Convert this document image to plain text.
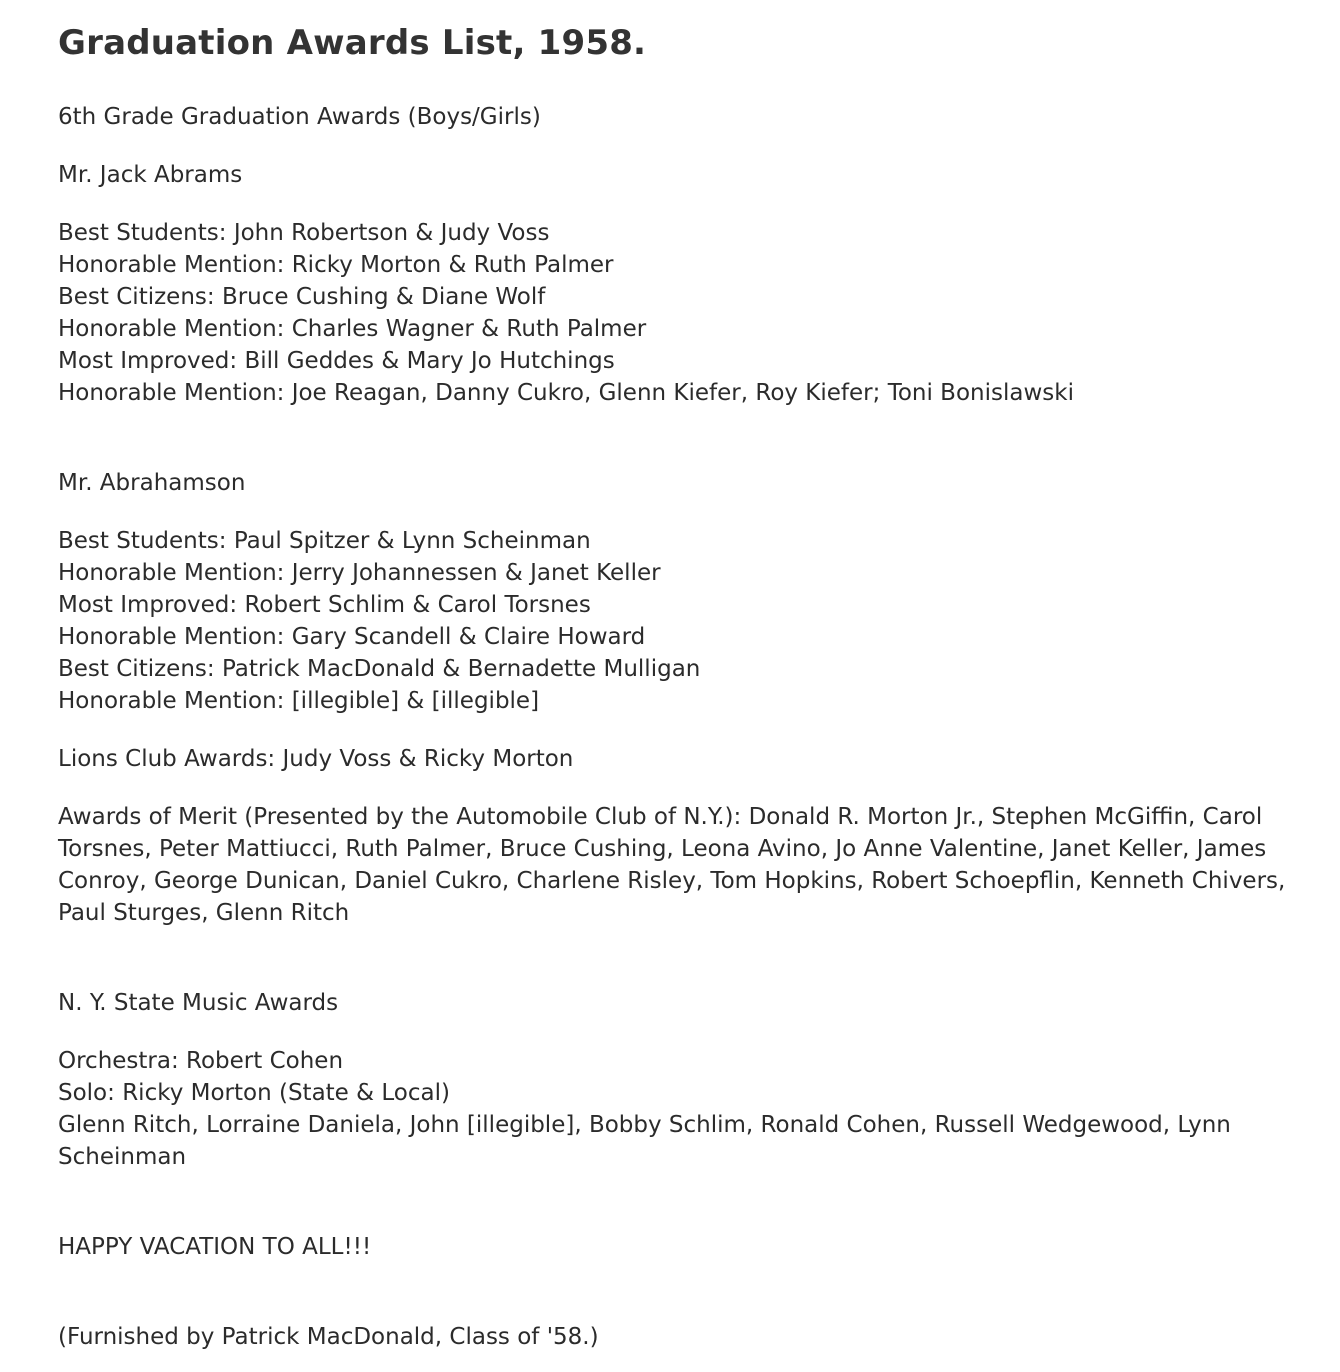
Graduation Awards List, 1958.

6th Grade Graduation Awards (Boys/Girls)

Mr. Jack Abrams

Best Students: John Robertson & Judy Voss
Honorable Mention: Ricky Morton & Ruth Palmer
Best Citizens: Bruce Cushing & Diane Wolf
Honorable Mention: Charles Wagner & Ruth Palmer
Most Improved: Bill Geddes & Mary Jo Hutchings
Honorable Mention: Joe Reagan, Danny Cukro, Glenn Kiefer, Roy Kiefer; Toni Bonislawski

Mr. Abrahamson

Best Students: Paul Spitzer & Lynn Scheinman
Honorable Mention: Jerry Johannessen & Janet Keller
Most Improved: Robert Schlim & Carol Torsnes
Honorable Mention: Gary Scandell & Claire Howard
Best Citizens: Patrick MacDonald & Bernadette Mulligan
Honorable Mention: [illegible] & [illegible]

Lions Club Awards: Judy Voss & Ricky Morton

Awards of Merit (Presented by the Automobile Club of N.Y.): Donald R. Morton Jr., Stephen McGiffin, Carol Torsnes, Peter Mattiucci, Ruth Palmer, Bruce Cushing, Leona Avino, Jo Anne Valentine, Janet Keller, James Conroy, George Dunican, Daniel Cukro, Charlene Risley, Tom Hopkins, Robert Schoepflin, Kenneth Chivers, Paul Sturges, Glenn Ritch

N. Y. State Music Awards

Orchestra: Robert Cohen
Solo: Ricky Morton (State & Local)
Glenn Ritch, Lorraine Daniela, John [illegible], Bobby Schlim, Ronald Cohen, Russell Wedgewood, Lynn Scheinman

HAPPY VACATION TO ALL!!!

(Furnished by Patrick MacDonald, Class of '58.)
